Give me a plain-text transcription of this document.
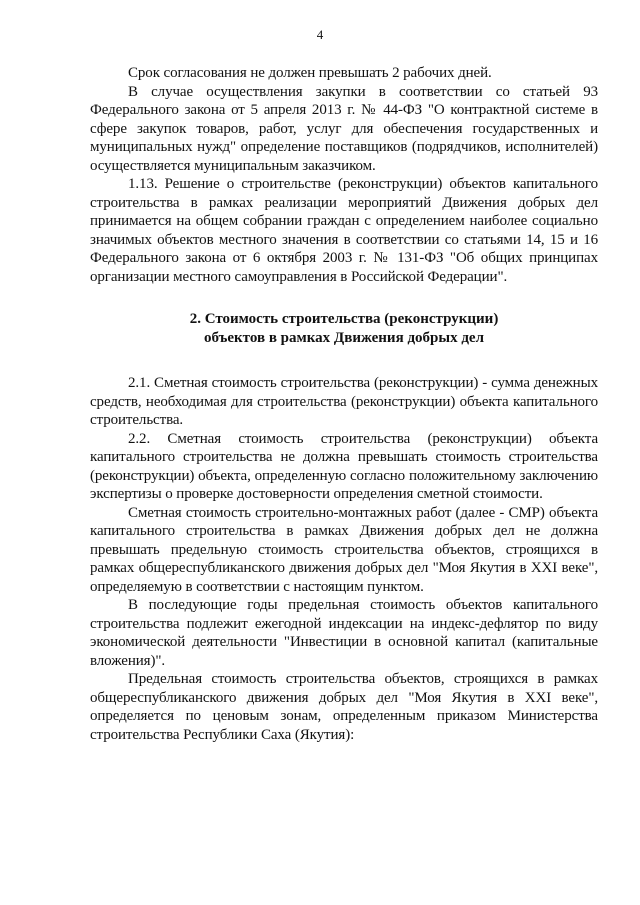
4

Срок согласования не должен превышать 2 рабочих дней.

В случае осуществления закупки в соответствии со статьей 93 Федерального закона от 5 апреля 2013 г. № 44-ФЗ "О контрактной системе в сфере закупок товаров, работ, услуг для обеспечения государственных и муниципальных нужд" определение поставщиков (подрядчиков, исполнителей) осуществляется муниципальным заказчиком.

1.13. Решение о строительстве (реконструкции) объектов капитального строительства в рамках реализации мероприятий Движения добрых дел принимается на общем собрании граждан с определением наиболее социально значимых объектов местного значения в соответствии со статьями 14, 15 и 16 Федерального закона от 6 октября 2003 г. № 131-ФЗ "Об общих принципах организации местного самоуправления в Российской Федерации".

2. Стоимость строительства (реконструкции)
объектов в рамках Движения добрых дел

2.1. Сметная стоимость строительства (реконструкции) - сумма денежных средств, необходимая для строительства (реконструкции) объекта капитального строительства.

2.2. Сметная стоимость строительства (реконструкции) объекта капитального строительства не должна превышать стоимость строительства (реконструкции) объекта, определенную согласно положительному заключению экспертизы о проверке достоверности определения сметной стоимости.

Сметная стоимость строительно-монтажных работ (далее - СМР) объекта капитального строительства в рамках Движения добрых дел не должна превышать предельную стоимость строительства объектов, строящихся в рамках общереспубликанского движения добрых дел "Моя Якутия в XXI веке", определяемую в соответствии с настоящим пунктом.

В последующие годы предельная стоимость объектов капитального строительства подлежит ежегодной индексации на индекс-дефлятор по виду экономической деятельности "Инвестиции в основной капитал (капитальные вложения)".

Предельная стоимость строительства объектов, строящихся в рамках общереспубликанского движения добрых дел "Моя Якутия в XXI веке", определяется по ценовым зонам, определенным приказом Министерства строительства Республики Саха (Якутия):
